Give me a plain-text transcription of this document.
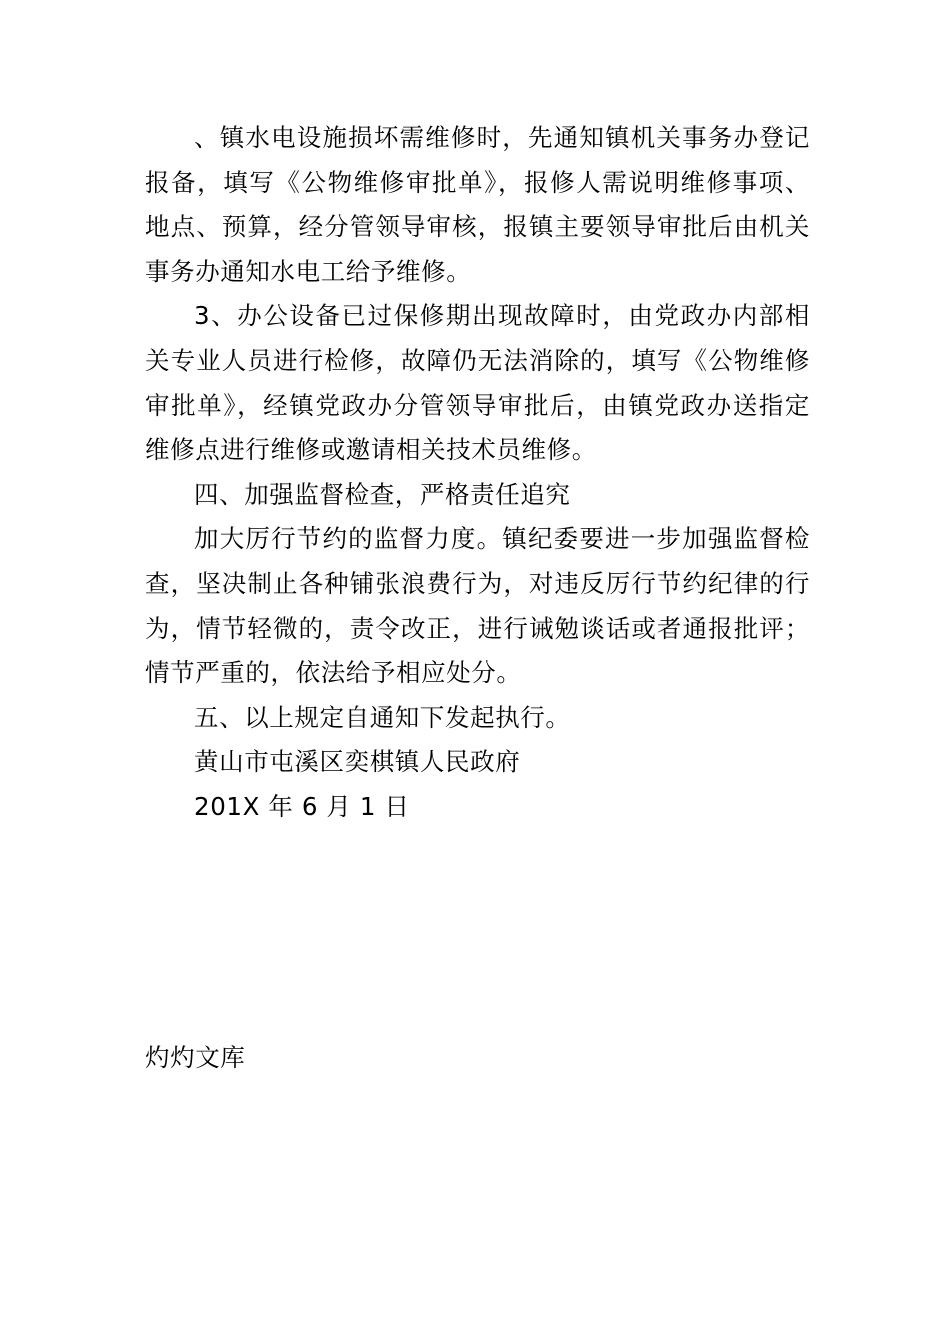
、镇水电设施损坏需维修时，先通知镇机关事务办登记报备，填写《公物维修审批单》，报修人需说明维修事项、地点、预算，经分管领导审核，报镇主要领导审批后由机关事务办通知水电工给予维修。

3、办公设备已过保修期出现故障时，由党政办内部相关专业人员进行检修，故障仍无法消除的，填写《公物维修审批单》，经镇党政办分管领导审批后，由镇党政办送指定维修点进行维修或邀请相关技术员维修。

四、加强监督检查，严格责任追究

加大厉行节约的监督力度。镇纪委要进一步加强监督检查，坚决制止各种铺张浪费行为，对违反厉行节约纪律的行为，情节轻微的，责令改正，进行诫勉谈话或者通报批评；情节严重的，依法给予相应处分。

五、以上规定自通知下发起执行。

黄山市屯溪区奕棋镇人民政府

201X 年 6 月 1 日

灼灼文库
